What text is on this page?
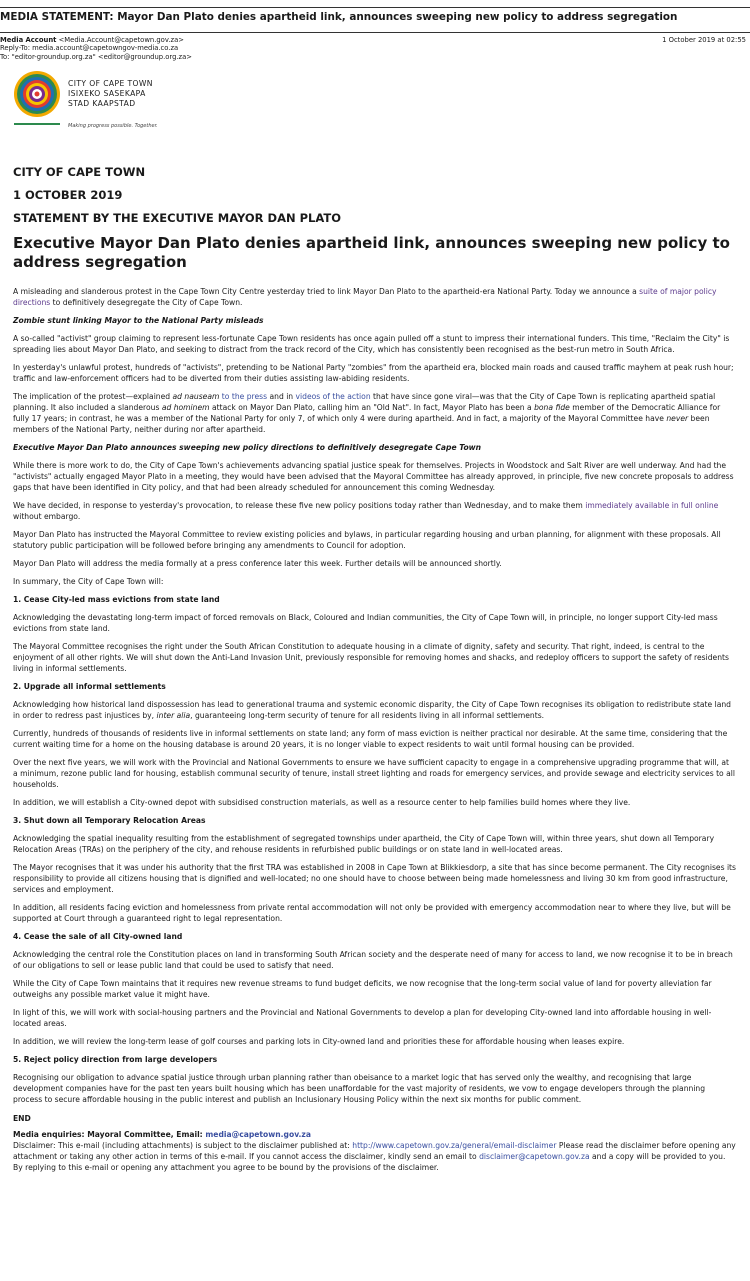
MEDIA STATEMENT: Mayor Dan Plato denies apartheid link, announces sweeping new policy to address segregation
Media Account <Media.Account@capetown.gov.za>
Reply-To: media.account@capetowngov-media.co.za
To: "editor-groundup.org.za" <editor@groundup.org.za>
1 October 2019 at 02:55
CITY OF CAPE TOWN
ISIXEKO SASEKAPA
STAD KAAPSTAD
Making progress possible. Together.
CITY OF CAPE TOWN
1 OCTOBER 2019
STATEMENT BY THE EXECUTIVE MAYOR DAN PLATO
Executive Mayor Dan Plato denies apartheid link, announces sweeping new policy to address segregation

A misleading and slanderous protest in the Cape Town City Centre yesterday tried to link Mayor Dan Plato to the apartheid-era National Party. Today we announce a suite of major policy directions to definitively desegregate the City of Cape Town.

Zombie stunt linking Mayor to the National Party misleads

A so-called "activist" group claiming to represent less-fortunate Cape Town residents has once again pulled off a stunt to impress their international funders. This time, "Reclaim the City" is spreading lies about Mayor Dan Plato, and seeking to distract from the track record of the City, which has consistently been recognised as the best-run metro in South Africa.

In yesterday's unlawful protest, hundreds of "activists", pretending to be National Party "zombies" from the apartheid era, blocked main roads and caused traffic mayhem at peak rush hour; traffic and law-enforcement officers had to be diverted from their duties assisting law-abiding residents.

The implication of the protest—explained ad nauseam to the press and in videos of the action that have since gone viral—was that the City of Cape Town is replicating apartheid spatial planning. It also included a slanderous ad hominem attack on Mayor Dan Plato, calling him an "Old Nat". In fact, Mayor Plato has been a bona fide member of the Democratic Alliance for fully 17 years; in contrast, he was a member of the National Party for only 7, of which only 4 were during apartheid. And in fact, a majority of the Mayoral Committee have never been members of the National Party, neither during nor after apartheid.

Executive Mayor Dan Plato announces sweeping new policy directions to definitively desegregate Cape Town

While there is more work to do, the City of Cape Town's achievements advancing spatial justice speak for themselves. Projects in Woodstock and Salt River are well underway. And had the "activists" actually engaged Mayor Plato in a meeting, they would have been advised that the Mayoral Committee has already approved, in principle, five new concrete proposals to address gaps that have been identified in City policy, and that had been already scheduled for announcement this coming Wednesday.

We have decided, in response to yesterday's provocation, to release these five new policy positions today rather than Wednesday, and to make them immediately available in full online without embargo.

Mayor Dan Plato has instructed the Mayoral Committee to review existing policies and bylaws, in particular regarding housing and urban planning, for alignment with these proposals. All statutory public participation will be followed before bringing any amendments to Council for adoption.

Mayor Dan Plato will address the media formally at a press conference later this week. Further details will be announced shortly.

In summary, the City of Cape Town will:

1. Cease City-led mass evictions from state land

Acknowledging the devastating long-term impact of forced removals on Black, Coloured and Indian communities, the City of Cape Town will, in principle, no longer support City-led mass evictions from state land.

The Mayoral Committee recognises the right under the South African Constitution to adequate housing in a climate of dignity, safety and security. That right, indeed, is central to the enjoyment of all other rights. We will shut down the Anti-Land Invasion Unit, previously responsible for removing homes and shacks, and redeploy officers to support the safety of residents living in informal settlements.

2. Upgrade all informal settlements

Acknowledging how historical land dispossession has lead to generational trauma and systemic economic disparity, the City of Cape Town recognises its obligation to redistribute state land in order to redress past injustices by, inter alia, guaranteeing long-term security of tenure for all residents living in all informal settlements.

Currently, hundreds of thousands of residents live in informal settlements on state land; any form of mass eviction is neither practical nor desirable. At the same time, considering that the current waiting time for a home on the housing database is around 20 years, it is no longer viable to expect residents to wait until formal housing can be provided.

Over the next five years, we will work with the Provincial and National Governments to ensure we have sufficient capacity to engage in a comprehensive upgrading programme that will, at a minimum, rezone public land for housing, establish communal security of tenure, install street lighting and roads for emergency services, and provide sewage and electricity services to all households.

In addition, we will establish a City-owned depot with subsidised construction materials, as well as a resource center to help families build homes where they live.

3. Shut down all Temporary Relocation Areas

Acknowledging the spatial inequality resulting from the establishment of segregated townships under apartheid, the City of Cape Town will, within three years, shut down all Temporary Relocation Areas (TRAs) on the periphery of the city, and rehouse residents in refurbished public buildings or on state land in well-located areas.

The Mayor recognises that it was under his authority that the first TRA was established in 2008 in Cape Town at Blikkiesdorp, a site that has since become permanent. The City recognises its responsibility to provide all citizens housing that is dignified and well-located; no one should have to choose between being made homelessness and living 30 km from good infrastructure, services and employment.

In addition, all residents facing eviction and homelessness from private rental accommodation will not only be provided with emergency accommodation near to where they live, but will be supported at Court through a guaranteed right to legal representation.

4. Cease the sale of all City-owned land

Acknowledging the central role the Constitution places on land in transforming South African society and the desperate need of many for access to land, we now recognise it to be in breach of our obligations to sell or lease public land that could be used to satisfy that need.

While the City of Cape Town maintains that it requires new revenue streams to fund budget deficits, we now recognise that the long-term social value of land for poverty alleviation far outweighs any possible market value it might have.

In light of this, we will work with social-housing partners and the Provincial and National Governments to develop a plan for developing City-owned land into affordable housing in well-located areas.

In addition, we will review the long-term lease of golf courses and parking lots in City-owned land and priorities these for affordable housing when leases expire.

5. Reject policy direction from large developers

Recognising our obligation to advance spatial justice through urban planning rather than obeisance to a market logic that has served only the wealthy, and recognising that large development companies have for the past ten years built housing which has been unaffordable for the vast majority of residents, we vow to engage developers through the planning process to secure affordable housing in the public interest and publish an Inclusionary Housing Policy within the next six months for public comment.

END
Media enquiries: Mayoral Committee, Email: media@capetown.gov.za
Disclaimer: This e-mail (including attachments) is subject to the disclaimer published at: http://www.capetown.gov.za/general/email-disclaimer Please read the disclaimer before opening any attachment or taking any other action in terms of this e-mail. If you cannot access the disclaimer, kindly send an email to disclaimer@capetown.gov.za and a copy will be provided to you. By replying to this e-mail or opening any attachment you agree to be bound by the provisions of the disclaimer.
